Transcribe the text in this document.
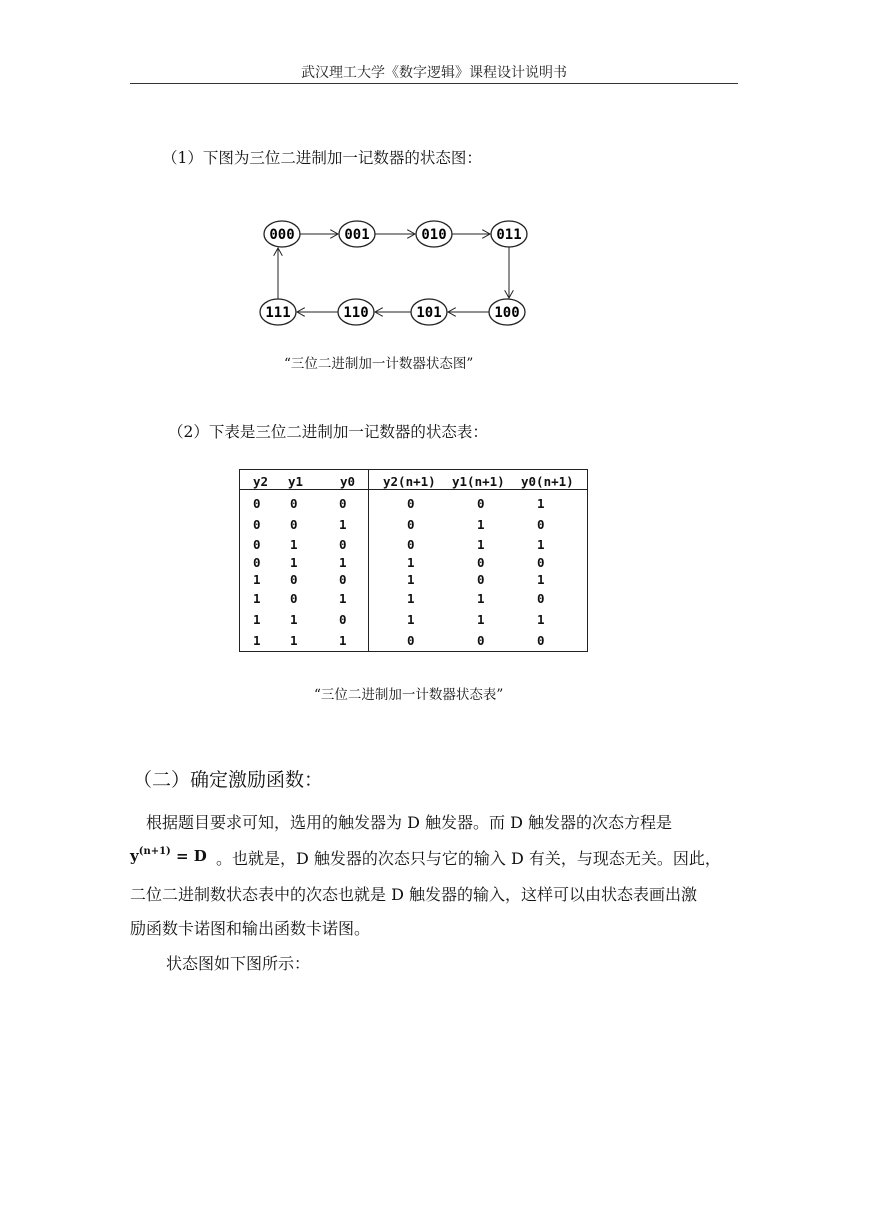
武汉理工大学《数字逻辑》课程设计说明书
（1）下图为三位二进制加一记数器的状态图：
000	001	010	011
111	110	101	100
“三位二进制加一计数器状态图”
（2）下表是三位二进制加一记数器的状态表：
y2 y1	y0 y2(n+1) y1(n+1) y0(n+1)
0 0	0	0	0	1
0 0	1	0	1	0
0 1	0	0	1	1
0 1	1	1	0	0
1 0	0	1	0	1
1 0	1	1	1	0
1 1	0	1	1	1
1 1	1	0	0	0
“三位二进制加一计数器状态表”
（二）确定激励函数：
根据题目要求可知，选用的触发器为 D 触发器。而 D 触发器的次态方程是
$y^{(n+1)} = D$ 。也就是，D 触发器的次态只与它的输入 D 有关，与现态无关。因此，
二位二进制数状态表中的次态也就是 D 触发器的输入，这样可以由状态表画出激
励函数卡诺图和输出函数卡诺图。
状态图如下图所示：
